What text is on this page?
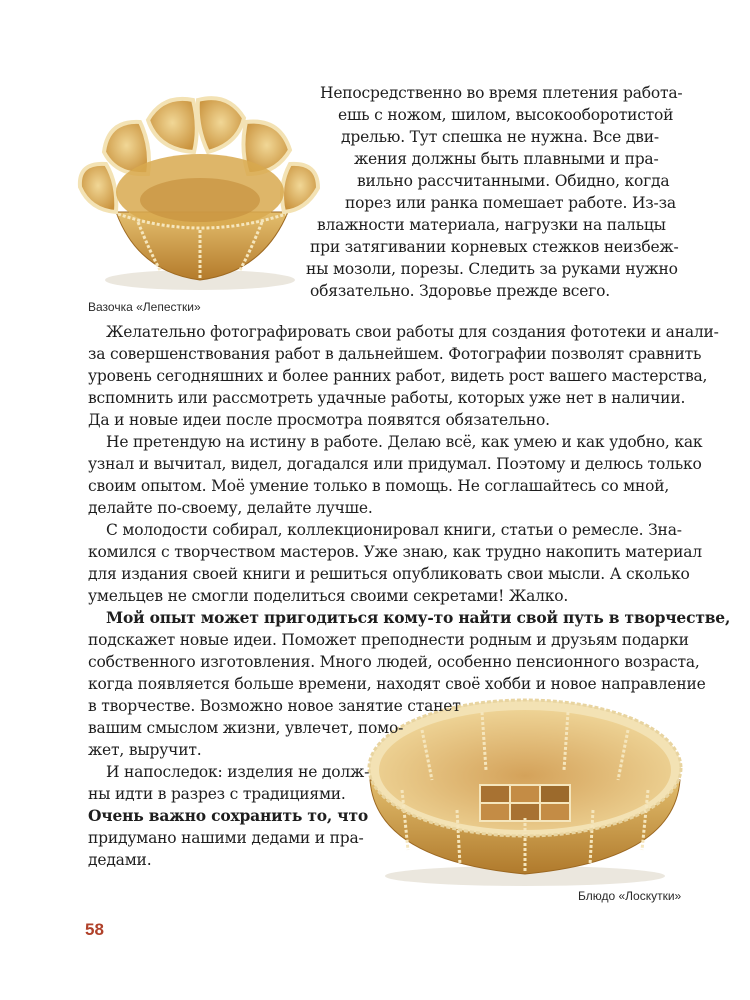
Вазочка «Лепестки»
Блюдо «Лоскутки»
Непосредственно во время плетения работа-
ешь с ножом, шилом, высокооборотистой
дрелью. Тут спешка не нужна. Все дви-
жения должны быть плавными и пра-
вильно рассчитанными. Обидно, когда
порез или ранка помешает работе. Из-за
влажности материала, нагрузки на пальцы
при затягивании корневых стежков неизбеж-
ны мозоли, порезы. Следить за руками нужно
обязательно. Здоровье прежде всего.
Желательно фотографировать свои работы для создания фототеки и анали-
за совершенствования работ в дальнейшем. Фотографии позволят сравнить
уровень сегодняшних и более ранних работ, видеть рост вашего мастерства,
вспомнить или рассмотреть удачные работы, которых уже нет в наличии.
Да и новые идеи после просмотра появятся обязательно.
Не претендую на истину в работе. Делаю всё, как умею и как удобно, как
узнал и вычитал, видел, догадался или придумал. Поэтому и делюсь только
своим опытом. Моё умение только в помощь. Не соглашайтесь со мной,
делайте по-своему, делайте лучше.
С молодости собирал, коллекционировал книги, статьи о ремесле. Зна-
комился с творчеством мастеров. Уже знаю, как трудно накопить материал
для издания своей книги и решиться опубликовать свои мысли. А сколько
умельцев не смогли поделиться своими секретами! Жалко.
Мой опыт может пригодиться кому-то найти свой путь в творчестве,
подскажет новые идеи. Поможет преподнести родным и друзьям подарки
собственного изготовления. Много людей, особенно пенсионного возраста,
когда появляется больше времени, находят своё хобби и новое направление
в творчестве. Возможно новое занятие станет
вашим смыслом жизни, увлечет, помо-
жет, выручит.
И напоследок: изделия не долж-
ны идти в разрез с традициями.
Очень важно сохранить то, что
придумано нашими дедами и пра-
дедами.
58
